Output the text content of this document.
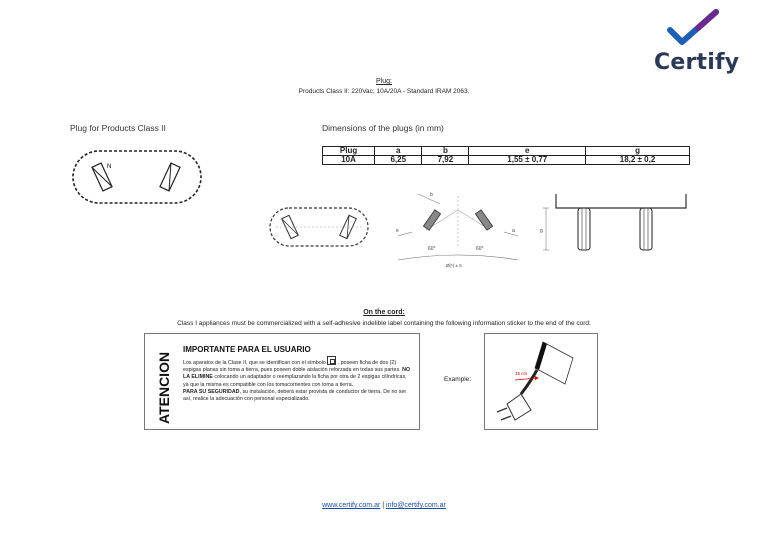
Certify
Plug:
Products Class II: 220Vac; 10A/20A - Standard IRAM 2063.
Plug for Products Class II	Dimensions of the plugs (in mm)
N
Plug	a	b	e	g
10A	6,25	7,92	1,55 ± 0,77	18,2 ± 0,2
b
e	a
60°	60°
Ø(*) ± 5
g
On the cord:
Class I appliances must be commercialized with a self-adhesive indelible label containing the following information sticker to the end of the cord:
ATENCION
IMPORTANTE PARA EL USUARIO
Los aparatos de la Clase II, que se identifican con el símbolo , poseen ficha de dos (2) espigas planas sin toma a tierra, pues poseen doble aislación reforzada en todas sus partes. NO LA ELIMINE colocando un adaptador o reemplazando la ficha por otra de 2 espigas cilíndricas, ya que la misma es compatible con los tomacorrientes con toma a tierra.
PARA SU SEGURIDAD, su instalación, deberá estar provista de conductor de tierra. De no ser así, realice la adecuación con personal especializado.
Example:
15 cm
www.certify.com.ar | info@certify.com.ar
